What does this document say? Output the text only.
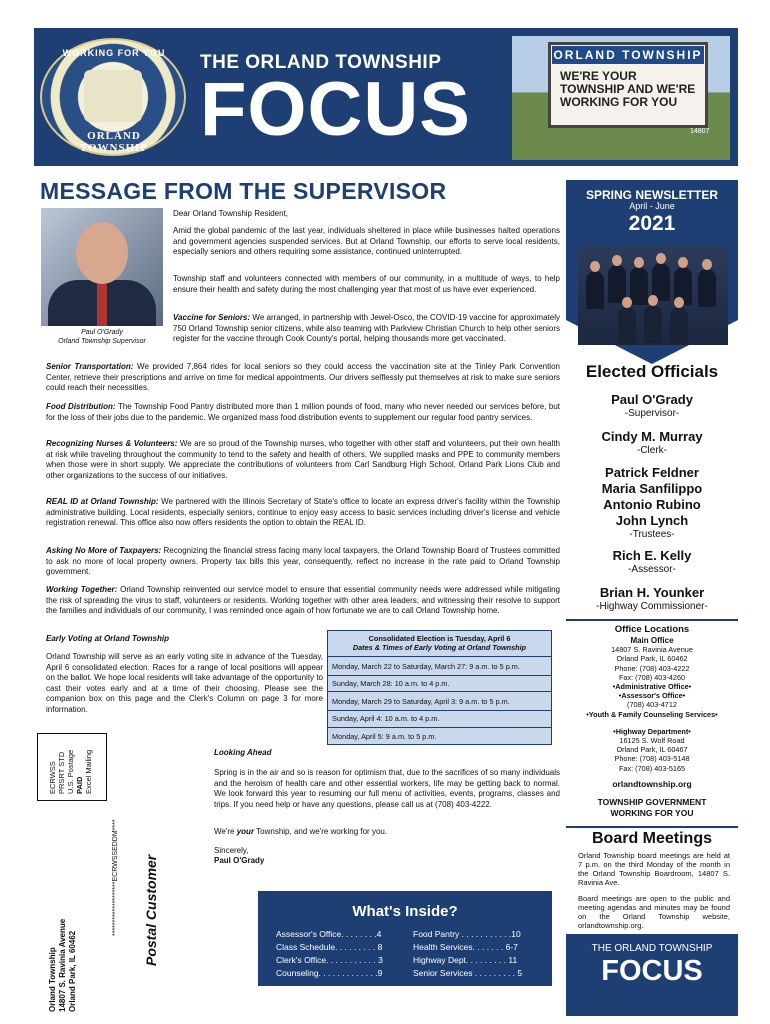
WORKING FOR YOU
ORLAND TOWNSHIP
THE ORLAND TOWNSHIP
FOCUS
ORLAND TOWNSHIP
WE'RE YOUR TOWNSHIP AND WE'RE WORKING FOR YOU
14807
MESSAGE FROM THE SUPERVISOR
Paul O'Grady
Orland Township Supervisor
Dear Orland Township Resident,
Amid the global pandemic of the last year, individuals sheltered in place while businesses halted operations and government agencies suspended services. But at Orland Township, our efforts to serve local residents, especially seniors and others requiring some assistance, continued uninterrupted.
Township staff and volunteers connected with members of our community, in a multitude of ways, to help ensure their health and safety during the most challenging year that most of us have ever experienced.
Vaccine for Seniors: We arranged, in partnership with Jewel-Osco, the COVID-19 vaccine for approximately 750 Orland Township senior citizens, while also teaming with Parkview Christian Church to help other seniors register for the vaccine through Cook County's portal, helping thousands more get vaccinated.
Senior Transportation: We provided 7,864 rides for local seniors so they could access the vaccination site at the Tinley Park Convention Center, retrieve their prescriptions and arrive on time for medical appointments. Our drivers selflessly put themselves at risk to make sure seniors could reach their necessities.
Food Distribution: The Township Food Pantry distributed more than 1 million pounds of food, many who never needed our services before, but for the loss of their jobs due to the pandemic. We organized mass food distribution events to supplement our regular food pantry services.
Recognizing Nurses & Volunteers: We are so proud of the Township nurses, who together with other staff and volunteers, put their own health at risk while traveling throughout the community to tend to the safety and health of others. We supplied masks and PPE to community members when those were in short supply. We appreciate the contributions of volunteers from Carl Sandburg High School, Orland Park Lions Club and other organizations to the success of our initiatives.
REAL ID at Orland Township: We partnered with the Illinois Secretary of State's office to locate an express driver's facility within the Township administrative building. Local residents, especially seniors, continue to enjoy easy access to basic services including driver's license and vehicle registration renewal. This office also now offers residents the option to obtain the REAL ID.
Asking No More of Taxpayers: Recognizing the financial stress facing many local taxpayers, the Orland Township Board of Trustees committed to ask no more of local property owners. Property tax bills this year, consequently, reflect no increase in the rate paid to Orland Township government.
Working Together: Orland Township reinvented our service model to ensure that essential community needs were addressed while mitigating the risk of spreading the virus to staff, volunteers or residents. Working together with other area leaders, and witnessing their resolve to support the families and individuals of our community, I was reminded once again of how fortunate we are to call Orland Township home.
Early Voting at Orland Township
Orland Township will serve as an early voting site in advance of the Tuesday, April 6 consolidated election. Races for a range of local positions will appear on the ballot. We hope local residents will take advantage of the opportunity to cast their votes early and at a time of their choosing. Please see the companion box on this page and the Clerk's Column on page 3 for more information.
Consolidated Election is Tuesday, April 6
Dates & Times of Early Voting at Orland Township
Monday, March 22 to Saturday, March 27: 9 a.m. to 5 p.m.
Sunday, March 28: 10 a.m. to 4 p.m.
Monday, March 29 to Saturday, April 3: 9 a.m. to 5 p.m.
Sunday, April 4: 10 a.m. to 4 p.m.
Monday, April 5: 9 a.m. to 5 p.m.
ECRWSS PRSRT STD U.S. Postage PAID Excel Mailing
********************ECRWSSEDDM**** Postal Customer
Orland Township 14807 S. Ravinia Avenue Orland Park, IL 60462
Looking Ahead
Spring is in the air and so is reason for optimism that, due to the sacrifices of so many individuals and the heroism of health care and other essential workers, life may be getting back to normal. We look forward this year to resuming our full menu of activities, events, programs, classes and trips. If you need help or have any questions, please call us at (708) 403-4222.
We're your Township, and we're working for you.
Sincerely,
Paul O'Grady
What's Inside?
Assessor's Office. . . . . . . .4
Class Schedule. . . . . . . . . 8
Clerk's Office. . . . . . . . . . . 3
Counseling. . . . . . . . . . . . .9
Food Pantry . . . . . . . . . . .10
Health Services. . . . . . . 6-7
Highway Dept. . . . . . . . . 11
Senior Services . . . . . . . . . 5
SPRING NEWSLETTER
April - June
2021
Elected Officials
Paul O'Grady
-Supervisor-
Cindy M. Murray
-Clerk-
Patrick Feldner
Maria Sanfilippo
Antonio Rubino
John Lynch
-Trustees-
Rich E. Kelly
-Assessor-
Brian H. Younker
-Highway Commissioner-
Office Locations
Main Office
14807 S. Ravinia Avenue
Orland Park, IL 60462
Phone: (708) 403-4222
Fax: (708) 403-4260
•Administrative Office•
•Assessor's Office•
(708) 403-4712
•Youth & Family Counseling Services•
•Highway Department•
16125 S. Wolf Road
Orland Park, IL 60467
Phone: (708) 403-5148
Fax: (708) 403-5165
orlandtownship.org
TOWNSHIP GOVERNMENT
WORKING FOR YOU
Board Meetings
Orland Township board meetings are held at 7 p.m. on the third Monday of the month in the Orland Township Boardroom, 14807 S. Ravinia Ave.
Board meetings are open to the public and meeting agendas and minutes may be found on the Orland Township website, orlandtownship.org.
THE ORLAND TOWNSHIP
FOCUS
